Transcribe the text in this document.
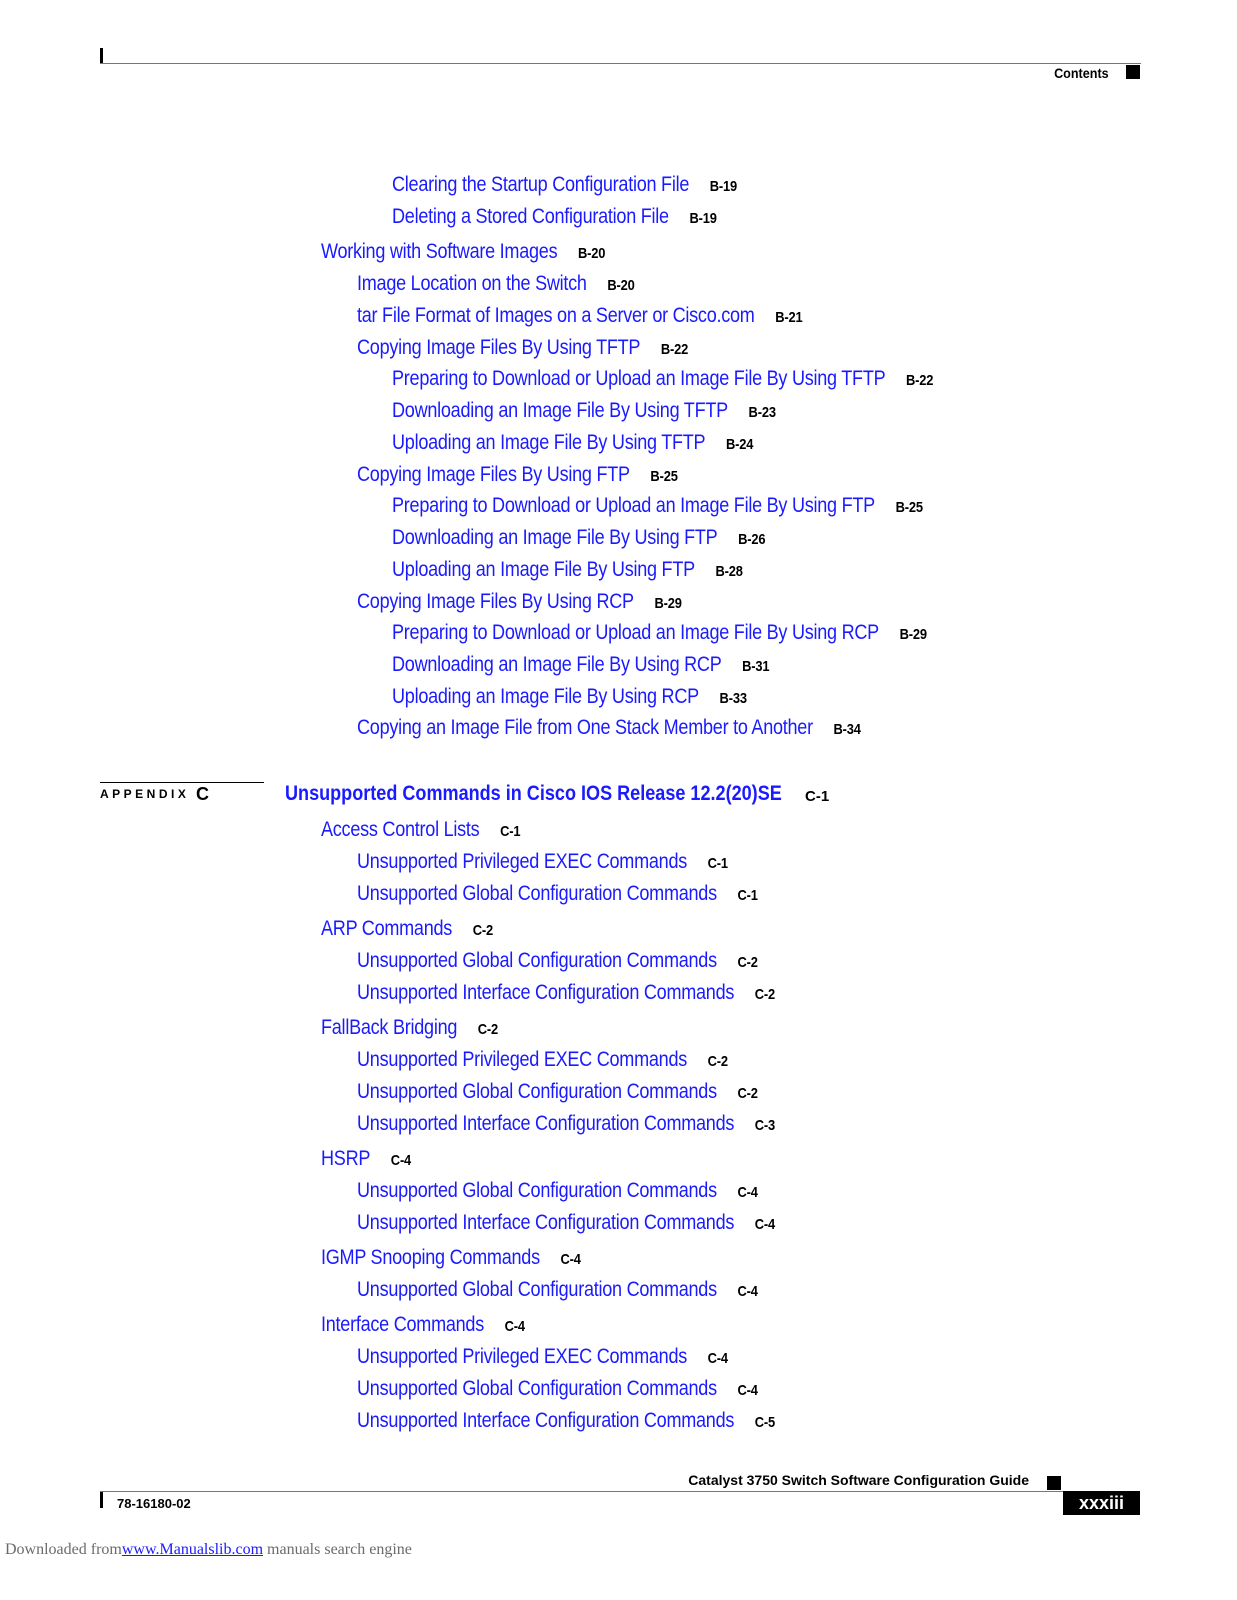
Contents
Clearing the Startup Configuration File B-19
Deleting a Stored Configuration File B-19
Working with Software Images B-20
Image Location on the Switch B-20
tar File Format of Images on a Server or Cisco.com B-21
Copying Image Files By Using TFTP B-22
Preparing to Download or Upload an Image File By Using TFTP B-22
Downloading an Image File By Using TFTP B-23
Uploading an Image File By Using TFTP B-24
Copying Image Files By Using FTP B-25
Preparing to Download or Upload an Image File By Using FTP B-25
Downloading an Image File By Using FTP B-26
Uploading an Image File By Using FTP B-28
Copying Image Files By Using RCP B-29
Preparing to Download or Upload an Image File By Using RCP B-29
Downloading an Image File By Using RCP B-31
Uploading an Image File By Using RCP B-33
Copying an Image File from One Stack Member to Another B-34
APPENDIX C	Unsupported Commands in Cisco IOS Release 12.2(20)SE C-1
Access Control Lists C-1
Unsupported Privileged EXEC Commands C-1
Unsupported Global Configuration Commands C-1
ARP Commands C-2
Unsupported Global Configuration Commands C-2
Unsupported Interface Configuration Commands C-2
FallBack Bridging C-2
Unsupported Privileged EXEC Commands C-2
Unsupported Global Configuration Commands C-2
Unsupported Interface Configuration Commands C-3
HSRP C-4
Unsupported Global Configuration Commands C-4
Unsupported Interface Configuration Commands C-4
IGMP Snooping Commands C-4
Unsupported Global Configuration Commands C-4
Interface Commands C-4
Unsupported Privileged EXEC Commands C-4
Unsupported Global Configuration Commands C-4
Unsupported Interface Configuration Commands C-5
Catalyst 3750 Switch Software Configuration Guide
78-16180-02	xxxiii
Downloaded fromwww.Manualslib.com manuals search engine
